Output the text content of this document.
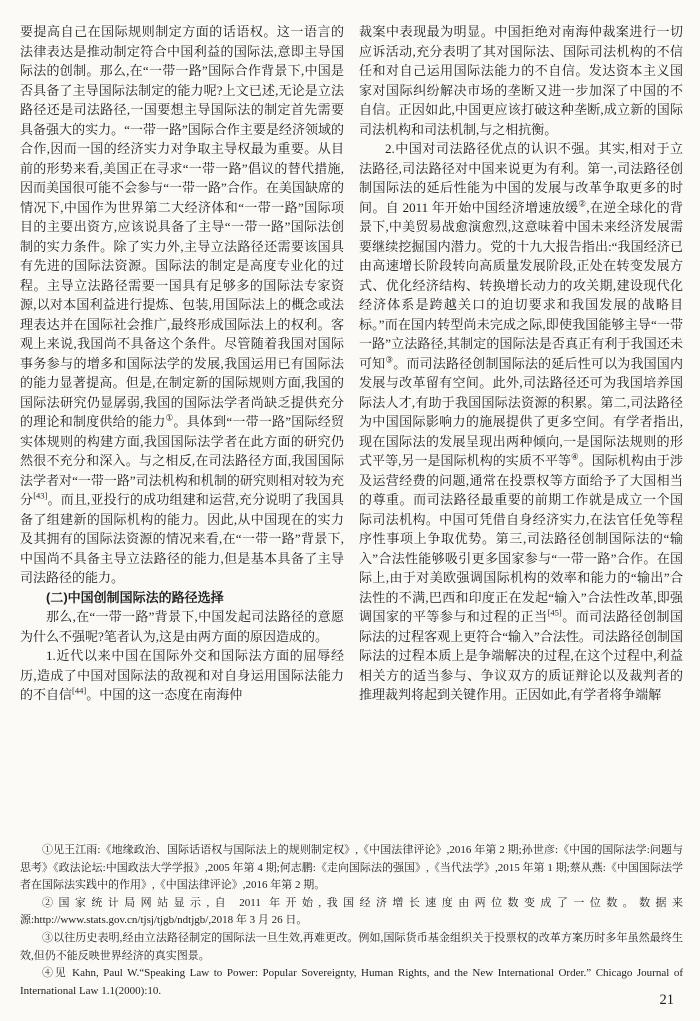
要提高自己在国际规则制定方面的话语权。这一语言的法律表达是推动制定符合中国利益的国际法,意即主导国际法的创制。那么,在“一带一路”国际合作背景下,中国是否具备了主导国际法制定的能力呢?上文已述,无论是立法路径还是司法路径,一国要想主导国际法的制定首先需要具备强大的实力。“一带一路”国际合作主要是经济领域的合作,因而一国的经济实力对争取主导权最为重要。从目前的形势来看,美国正在寻求“一带一路”倡议的替代措施,因而美国很可能不会参与“一带一路”合作。在美国缺席的情况下,中国作为世界第二大经济体和“一带一路”国际项目的主要出资方,应该说具备了主导“一带一路”国际法创制的实力条件。除了实力外,主导立法路径还需要该国具有先进的国际法资源。国际法的制定是高度专业化的过程。主导立法路径需要一国具有足够多的国际法专家资源,以对本国利益进行提炼、包装,用国际法上的概念或法理表达并在国际社会推广,最终形成国际法上的权利。客观上来说,我国尚不具备这个条件。尽管随着我国对国际事务参与的增多和国际法学的发展,我国运用已有国际法的能力显著提高。但是,在制定新的国际规则方面,我国的国际法研究仍显孱弱,我国的国际法学者尚缺乏提供充分的理论和制度供给的能力①。具体到“一带一路”国际经贸实体规则的构建方面,我国国际法学者在此方面的研究仍然很不充分和深入。与之相反,在司法路径方面,我国国际法学者对“一带一路”司法机构和机制的研究则相对较为充分[43]。而且,亚投行的成功组建和运营,充分说明了我国具备了组建新的国际机构的能力。因此,从中国现在的实力及其拥有的国际法资源的情况来看,在“一带一路”背景下,中国尚不具备主导立法路径的能力,但是基本具备了主导司法路径的能力。

(二)中国创制国际法的路径选择

那么,在“一带一路”背景下,中国发起司法路径的意愿为什么不强呢?笔者认为,这是由两方面的原因造成的。

1.近代以来中国在国际外交和国际法方面的屈辱经历,造成了中国对国际法的敌视和对自身运用国际法能力的不自信[44]。中国的这一态度在南海仲

裁案中表现最为明显。中国拒绝对南海仲裁案进行一切应诉活动,充分表明了其对国际法、国际司法机构的不信任和对自己运用国际法能力的不自信。发达资本主义国家对国际纠纷解决市场的垄断又进一步加深了中国的不自信。正因如此,中国更应该打破这种垄断,成立新的国际司法机构和司法机制,与之相抗衡。

2.中国对司法路径优点的认识不强。其实,相对于立法路径,司法路径对中国来说更为有利。第一,司法路径创制国际法的延后性能为中国的发展与改革争取更多的时间。自 2011 年开始中国经济增速放缓②,在逆全球化的背景下,中美贸易战愈演愈烈,这意味着中国未来经济发展需要继续挖掘国内潜力。党的十九大报告指出:“我国经济已由高速增长阶段转向高质量发展阶段,正处在转变发展方式、优化经济结构、转换增长动力的攻关期,建设现代化经济体系是跨越关口的迫切要求和我国发展的战略目标。”而在国内转型尚未完成之际,即使我国能够主导“一带一路”立法路径,其制定的国际法是否真正有利于我国还未可知③。而司法路径创制国际法的延后性可以为我国国内发展与改革留有空间。此外,司法路径还可为我国培养国际法人才,有助于我国国际法资源的积累。第二,司法路径为中国国际影响力的施展提供了更多空间。有学者指出,现在国际法的发展呈现出两种倾向,一是国际法规则的形式平等,另一是国际机构的实质不平等④。国际机构由于涉及运营经费的问题,通常在投票权等方面给予了大国相当的尊重。而司法路径最重要的前期工作就是成立一个国际司法机构。中国可凭借自身经济实力,在法官任免等程序性事项上争取优势。第三,司法路径创制国际法的“输入”合法性能够吸引更多国家参与“一带一路”合作。在国际上,由于对美欧强调国际机构的效率和能力的“输出”合法性的不满,巴西和印度正在发起“输入”合法性改革,即强调国家的平等参与和过程的正当[45]。而司法路径创制国际法的过程客观上更符合“输入”合法性。司法路径创制国际法的过程本质上是争端解决的过程,在这个过程中,利益相关方的适当参与、争议双方的质证辩论以及裁判者的推理裁判将起到关键作用。正因如此,有学者将争端解

①见王江雨:《地缘政治、国际话语权与国际法上的规则制定权》,《中国法律评论》,2016 年第 2 期;孙世彦:《中国的国际法学:问题与思考》《政法论坛:中国政法大学学报》,2005 年第 4 期;何志鹏:《走向国际法的强国》,《当代法学》,2015 年第 1 期;蔡从燕:《中国国际法学者在国际法实践中的作用》,《中国法律评论》,2016 年第 2 期。

②国家统计局网站显示,自 2011 年开始,我国经济增长速度由两位数变成了一位数。数据来源:http://www.stats.gov.cn/tjsj/tjgb/ndtjgb/,2018 年 3 月 26 日。

③以往历史表明,经由立法路径制定的国际法一旦生效,再难更改。例如,国际货币基金组织关于投票权的改革方案历时多年虽然最终生效,但仍不能反映世界经济的真实图景。

④见 Kahn, Paul W.“Speaking Law to Power: Popular Sovereignty, Human Rights, and the New International Order.” Chicago Journal of International Law 1.1(2000):10.

21
